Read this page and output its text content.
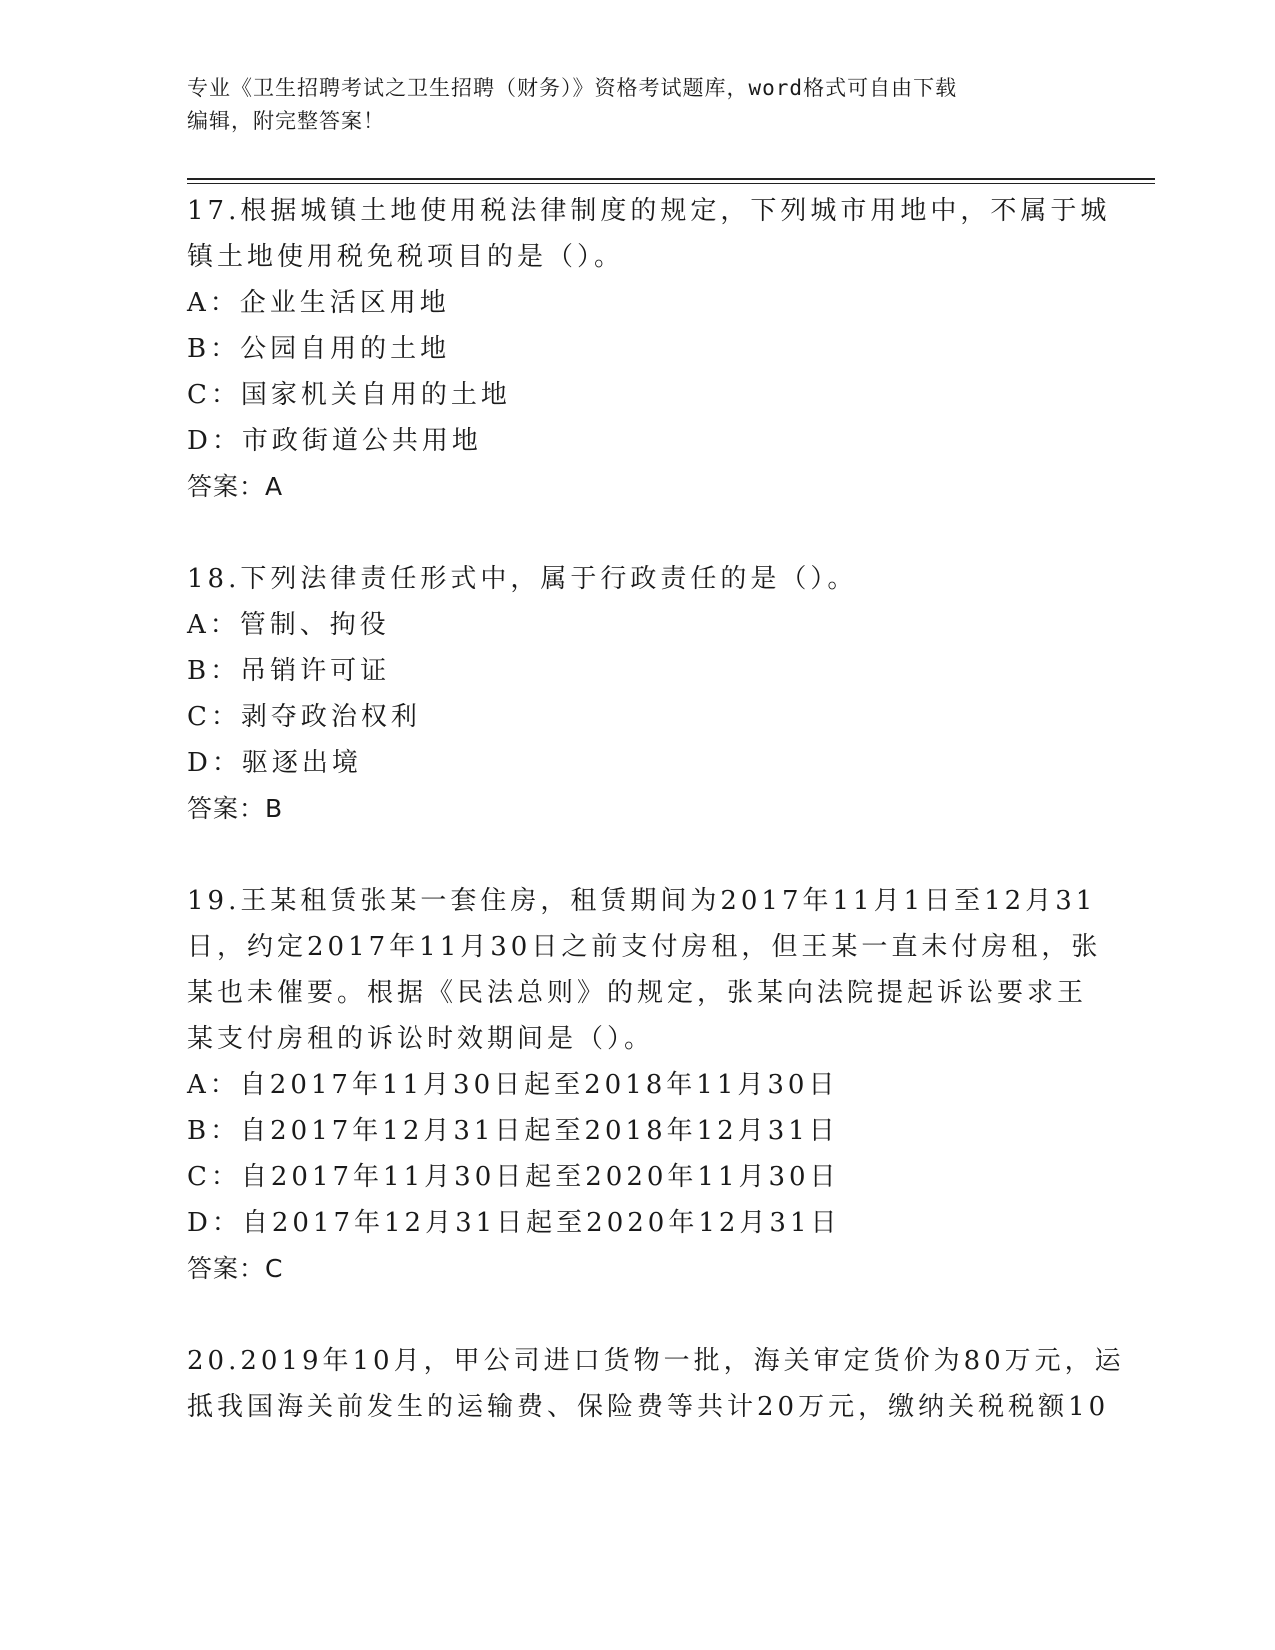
专业《卫生招聘考试之卫生招聘（财务）》资格考试题库，word格式可自由下载
编辑，附完整答案！
17.根据城镇土地使用税法律制度的规定，下列城市用地中，不属于城
镇土地使用税免税项目的是（）。
A：企业生活区用地
B：公园自用的土地
C：国家机关自用的土地
D：市政街道公共用地
答案：A
18.下列法律责任形式中，属于行政责任的是（）。
A：管制、拘役
B：吊销许可证
C：剥夺政治权利
D：驱逐出境
答案：B
19.王某租赁张某一套住房，租赁期间为2017年11月1日至12月31
日，约定2017年11月30日之前支付房租，但王某一直未付房租，张
某也未催要。根据《民法总则》的规定，张某向法院提起诉讼要求王
某支付房租的诉讼时效期间是（）。
A：自2017年11月30日起至2018年11月30日
B：自2017年12月31日起至2018年12月31日
C：自2017年11月30日起至2020年11月30日
D：自2017年12月31日起至2020年12月31日
答案：C
20.2019年10月，甲公司进口货物一批，海关审定货价为80万元，运
抵我国海关前发生的运输费、保险费等共计20万元，缴纳关税税额10
